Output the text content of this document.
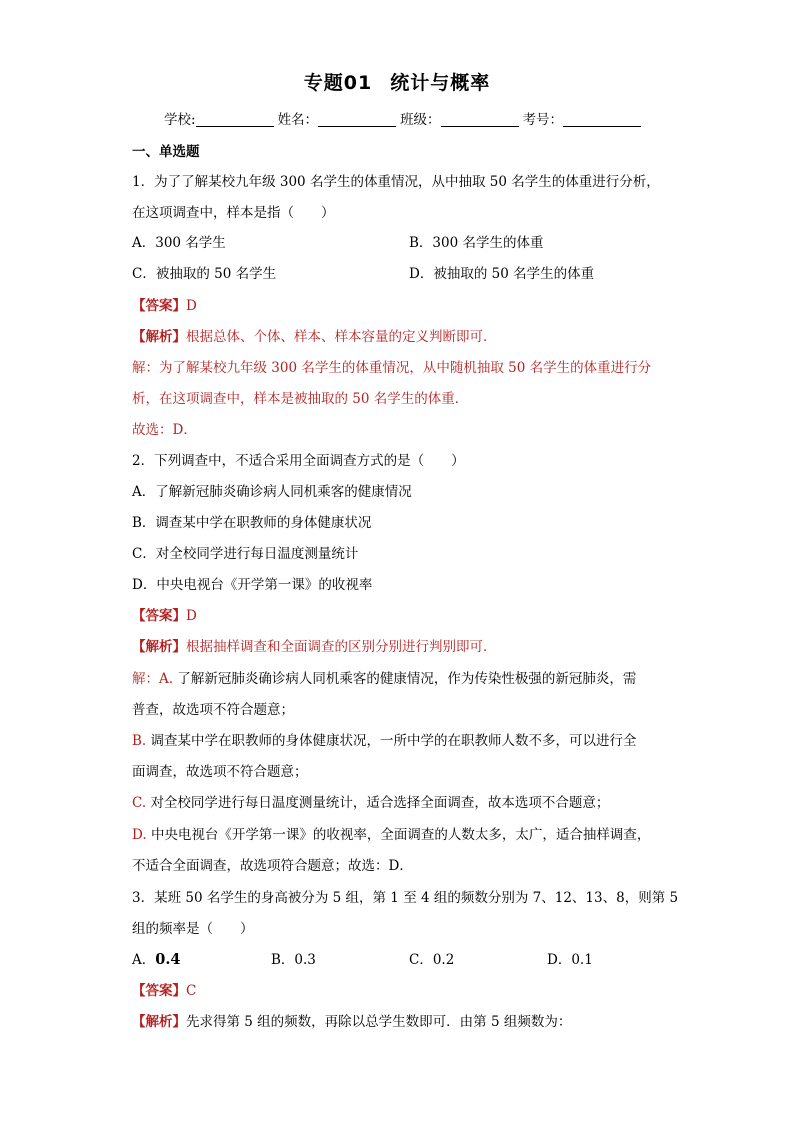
专题01 统计与概率
学校:	姓名：	班级：	考号：
一、单选题
1．为了了解某校九年级 300 名学生的体重情况，从中抽取 50 名学生的体重进行分析，
在这项调查中，样本是指（　　）
A．300 名学生	B．300 名学生的体重
C．被抽取的 50 名学生	D．被抽取的 50 名学生的体重
【答案】D
【解析】根据总体、个体、样本、样本容量的定义判断即可．
解：为了解某校九年级 300 名学生的体重情况，从中随机抽取 50 名学生的体重进行分
析，在这项调查中，样本是被抽取的 50 名学生的体重．
故选：D．
2．下列调查中，不适合采用全面调查方式的是（　　）
A．了解新冠肺炎确诊病人同机乘客的健康情况
B．调查某中学在职教师的身体健康状况
C．对全校同学进行每日温度测量统计
D．中央电视台《开学第一课》的收视率
【答案】D
【解析】根据抽样调查和全面调查的区别分别进行判别即可．
解：A. 了解新冠肺炎确诊病人同机乘客的健康情况，作为传染性极强的新冠肺炎，需
普查，故选项不符合题意；
B. 调查某中学在职教师的身体健康状况，一所中学的在职教师人数不多，可以进行全
面调查，故选项不符合题意；
C. 对全校同学进行每日温度测量统计，适合选择全面调查，故本选项不合题意；
D. 中央电视台《开学第一课》的收视率，全面调查的人数太多，太广，适合抽样调查，
不适合全面调查，故选项符合题意；故选：D．
3．某班 50 名学生的身高被分为 5 组，第 1 至 4 组的频数分别为 7、12、13、8，则第 5
组的频率是（　　）
A．0.4	B．0.3	C．0.2	D．0.1
【答案】C
【解析】先求得第 5 组的频数，再除以总学生数即可．由第 5 组频数为：
